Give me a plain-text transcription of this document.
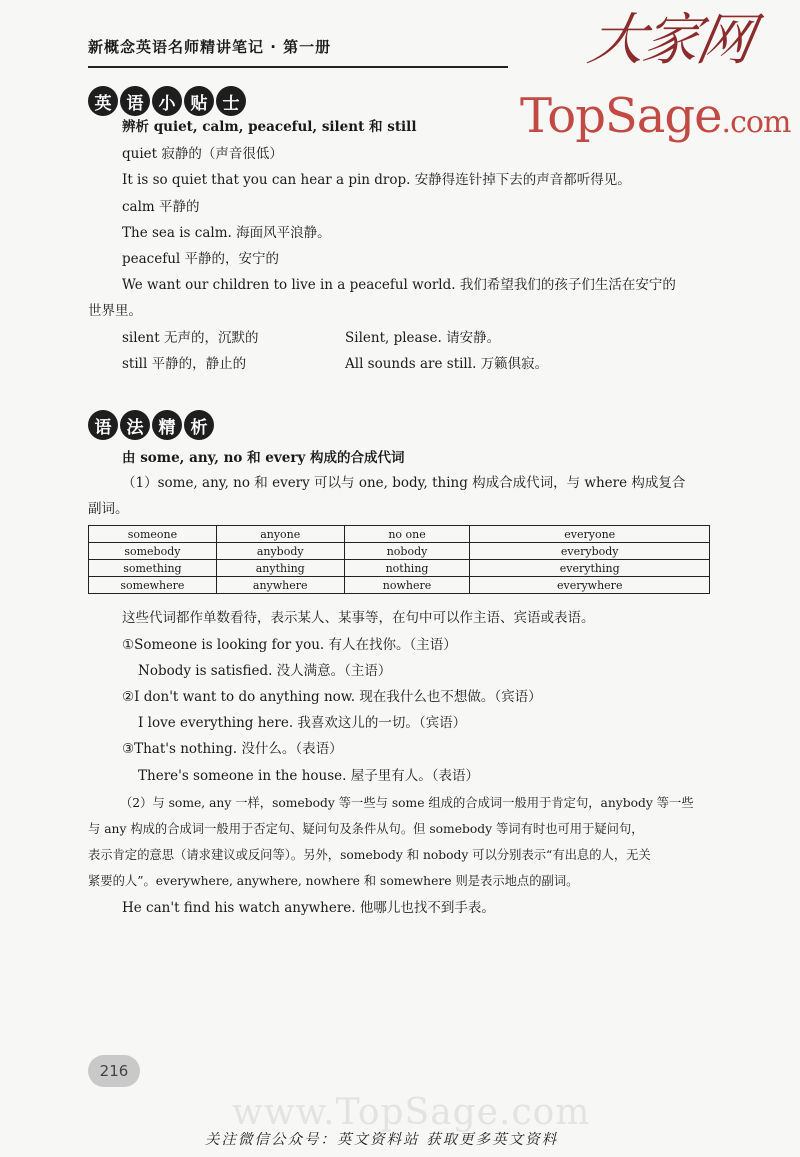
新概念英语名师精讲笔记 · 第一册	大家网
TopSage.com
英 语 小 贴 士
辨析 quiet, calm, peaceful, silent 和 still
quiet 寂静的（声音很低）
It is so quiet that you can hear a pin drop. 安静得连针掉下去的声音都听得见。
calm 平静的
The sea is calm. 海面风平浪静。
peaceful 平静的，安宁的
We want our children to live in a peaceful world. 我们希望我们的孩子们生活在安宁的
世界里。
silent 无声的，沉默的	Silent, please. 请安静。
still 平静的，静止的	All sounds are still. 万籁俱寂。
语 法 精 析
由 some, any, no 和 every 构成的合成代词
（1）some, any, no 和 every 可以与 one, body, thing 构成合成代词，与 where 构成复合
副词。
someone	anyone	no one	everyone
somebody	anybody	nobody	everybody
something	anything	nothing	everything
somewhere	anywhere	nowhere	everywhere
这些代词都作单数看待，表示某人、某事等，在句中可以作主语、宾语或表语。
①Someone is looking for you. 有人在找你。（主语）
Nobody is satisfied. 没人满意。（主语）
②I don't want to do anything now. 现在我什么也不想做。（宾语）
I love everything here. 我喜欢这儿的一切。（宾语）
③That's nothing. 没什么。（表语）
There's someone in the house. 屋子里有人。（表语）
（2）与 some, any 一样，somebody 等一些与 some 组成的合成词一般用于肯定句，anybody 等一些
与 any 构成的合成词一般用于否定句、疑问句及条件从句。但 somebody 等词有时也可用于疑问句，
表示肯定的意思（请求建议或反问等）。另外，somebody 和 nobody 可以分别表示“有出息的人，无关
紧要的人”。everywhere, anywhere, nowhere 和 somewhere 则是表示地点的副词。
He can't find his watch anywhere. 他哪儿也找不到手表。
216
www.TopSage.com
关注微信公众号：英文资料站 获取更多英文资料
